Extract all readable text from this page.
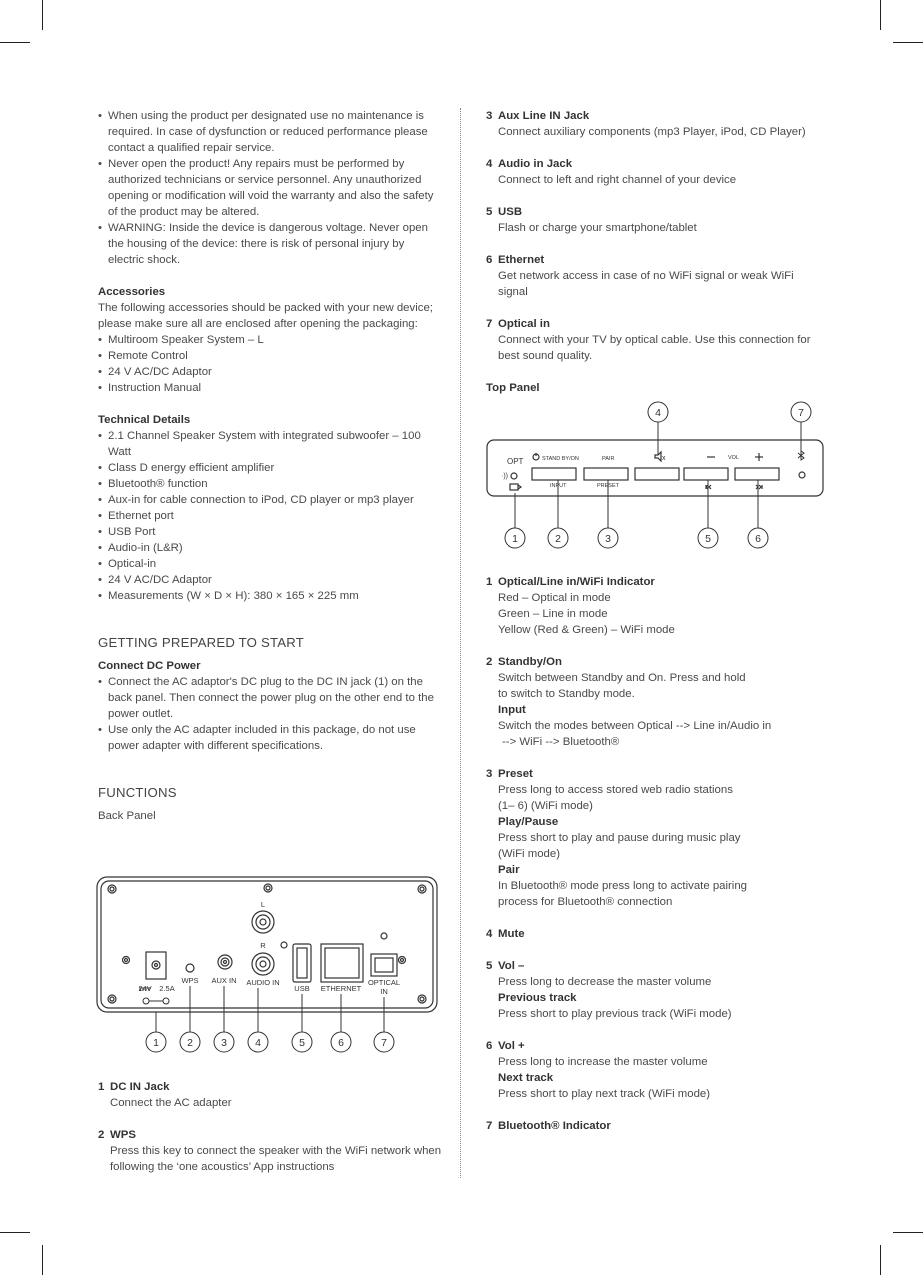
• When using the product per designated use no maintenance is required. In case of dysfunction or reduced performance please contact a qualified repair service.

• Never open the product! Any repairs must be performed by authorized technicians or service personnel. Any unauthorized opening or modification will void the warranty and also the safety of the product may be altered.

• WARNING: Inside the device is dangerous voltage. Never open the housing of the device: there is risk of personal injury by electric shock.

Accessories

The following accessories should be packed with your new device; please make sure all are enclosed after opening the packaging:

• Multiroom Speaker System – L

• Remote Control

• 24 V AC/DC Adaptor

• Instruction Manual

Technical Details

• 2.1 Channel Speaker System with integrated subwoofer – 100 Watt

• Class D energy efficient amplifier

• Bluetooth® function

• Aux-in for cable connection to iPod, CD player or mp3 player

• Ethernet port

• USB Port

• Audio-in (L&R)

• Optical-in

• 24 V AC/DC Adaptor

• Measurements (W × D × H): 380 × 165 × 225 mm

GETTING PREPARED TO START

Connect DC Power

• Connect the AC adaptor's DC plug to the DC IN jack (1) on the back panel. Then connect the power plug on the other end to the power outlet.

• Use only the AC adapter included in this package, do not use power adapter with different specifications.

FUNCTIONS

Back Panel

L
R
24V 2.5A
WPS AUX IN AUDIO IN
USB ETHERNET
OPTICAL
IN
1	2	3	4	5	6	7

1 DC IN Jack

Connect the AC adapter

2 WPS

Press this key to connect the speaker with the WiFi network when following the ‘one acoustics’ App instructions

3 Aux Line IN Jack

Connect auxiliary components (mp3 Player, iPod, CD Player)

4 Audio in Jack

Connect to left and right channel of your device

5 USB

Flash or charge your smartphone/tablet

6 Ethernet

Get network access in case of no WiFi signal or weak WiFi signal

7 Optical in

Connect with your TV by optical cable. Use this connection for best sound quality.

Top Panel

OPT	STAND BY/ON	PAIR	VOL
INPUT	PRESET
x
·))
4	7
1	2	3	5	6

1 Optical/Line in/WiFi Indicator

Red – Optical in mode

Green – Line in mode

Yellow (Red & Green) – WiFi mode

2 Standby/On

Switch between Standby and On. Press and hold

to switch to Standby mode.

Input

Switch the modes between Optical --> Line in/Audio in

--> WiFi --> Bluetooth®

3 Preset

Press long to access stored web radio stations

(1– 6) (WiFi mode)

Play/Pause

Press short to play and pause during music play

(WiFi mode)

Pair

In Bluetooth® mode press long to activate pairing

process for Bluetooth® connection

4 Mute

5 Vol –

Press long to decrease the master volume

Previous track

Press short to play previous track (WiFi mode)

6 Vol +

Press long to increase the master volume

Next track

Press short to play next track (WiFi mode)

7 Bluetooth® Indicator
